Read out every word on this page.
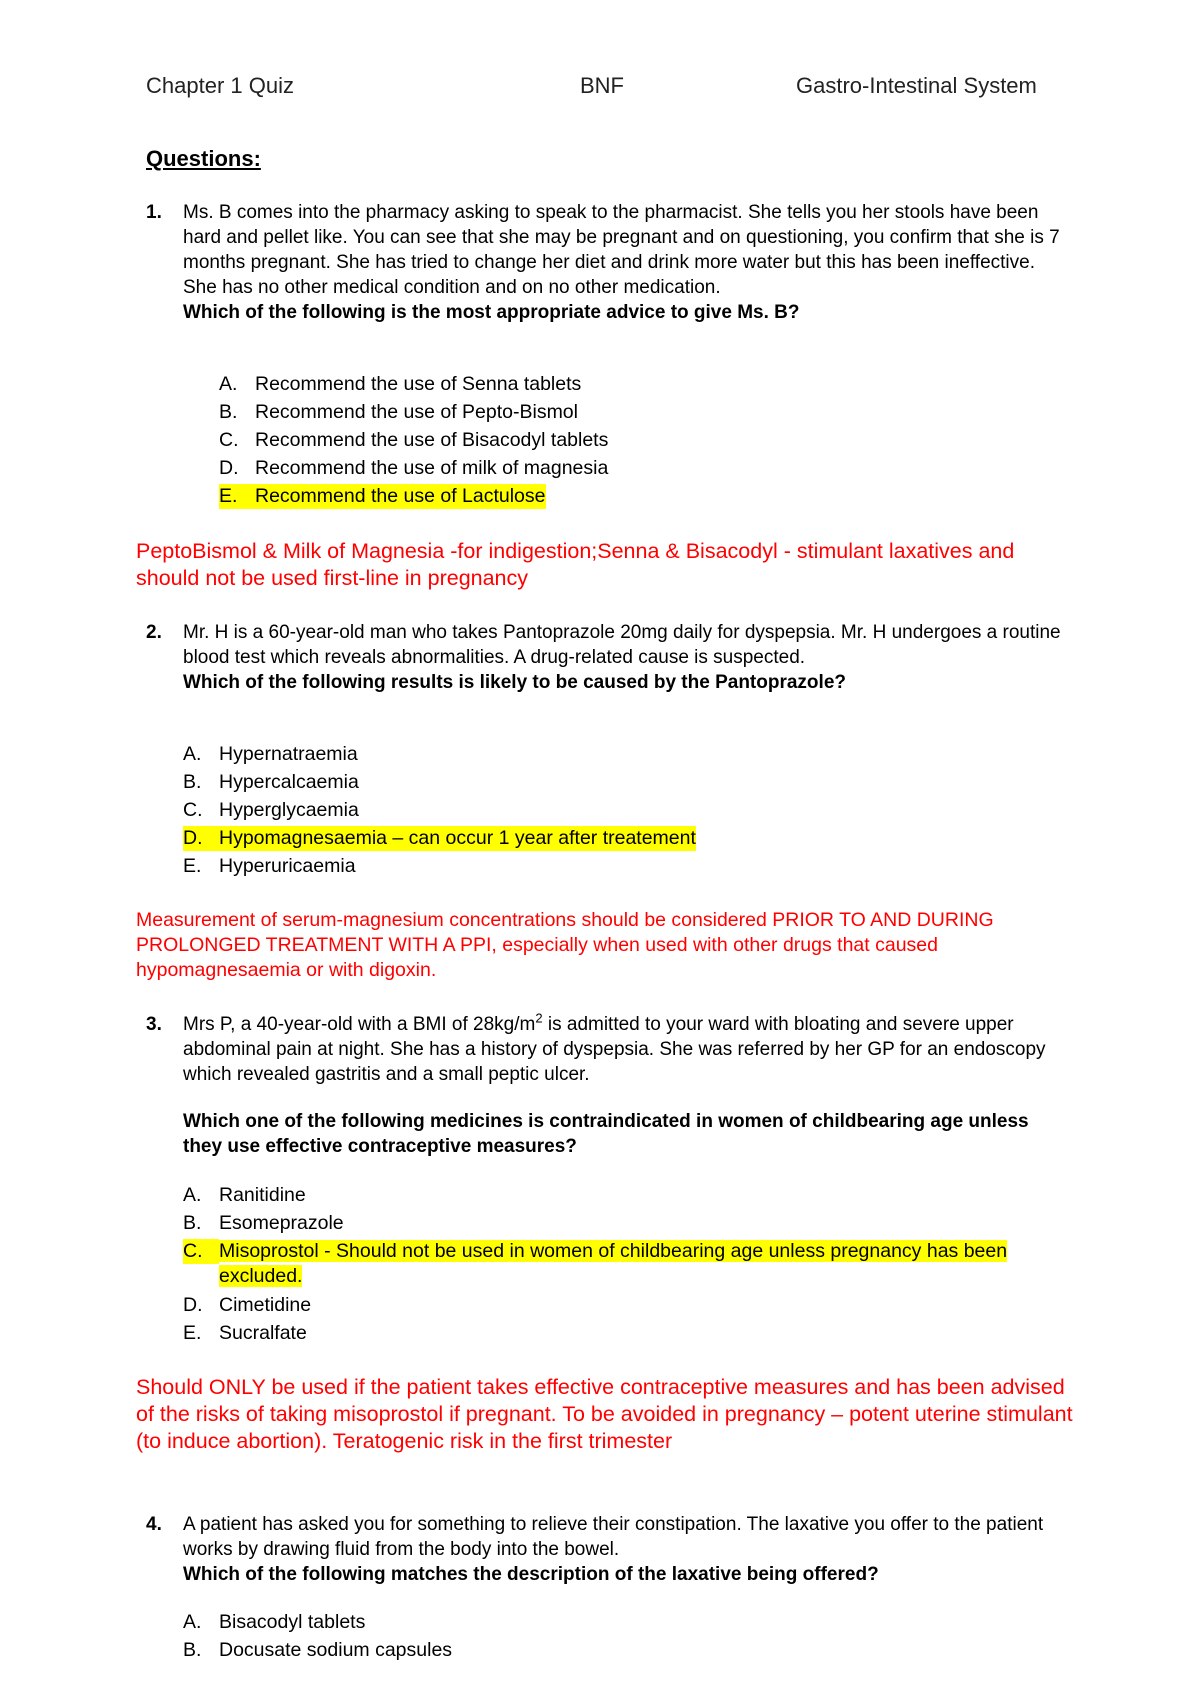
Chapter 1 Quiz	BNF	Gastro-Intestinal System
Questions:
1. Ms. B comes into the pharmacy asking to speak to the pharmacist. She tells you her stools have been hard and pellet like. You can see that she may be pregnant and on questioning, you confirm that she is 7 months pregnant. She has tried to change her diet and drink more water but this has been ineffective. She has no other medical condition and on no other medication.
Which of the following is the most appropriate advice to give Ms. B?
A. Recommend the use of Senna tablets
B. Recommend the use of Pepto-Bismol
C. Recommend the use of Bisacodyl tablets
D. Recommend the use of milk of magnesia
E. Recommend the use of Lactulose
PeptoBismol & Milk of Magnesia -for indigestion;Senna & Bisacodyl - stimulant laxatives and should not be used first-line in pregnancy
2. Mr. H is a 60-year-old man who takes Pantoprazole 20mg daily for dyspepsia. Mr. H undergoes a routine blood test which reveals abnormalities. A drug-related cause is suspected.
Which of the following results is likely to be caused by the Pantoprazole?
A. Hypernatraemia
B. Hypercalcaemia
C. Hyperglycaemia
D. Hypomagnesaemia – can occur 1 year after treatement
E. Hyperuricaemia
Measurement of serum-magnesium concentrations should be considered PRIOR TO AND DURING PROLONGED TREATMENT WITH A PPI, especially when used with other drugs that caused hypomagnesaemia or with digoxin.
3. Mrs P, a 40-year-old with a BMI of $28kg/m^2$ is admitted to your ward with bloating and severe upper abdominal pain at night. She has a history of dyspepsia. She was referred by her GP for an endoscopy which revealed gastritis and a small peptic ulcer.
Which one of the following medicines is contraindicated in women of childbearing age unless they use effective contraceptive measures?
A. Ranitidine
B. Esomeprazole
C. Misoprostol - Should not be used in women of childbearing age unless pregnancy has been excluded.
D. Cimetidine
E. Sucralfate
Should ONLY be used if the patient takes effective contraceptive measures and has been advised of the risks of taking misoprostol if pregnant. To be avoided in pregnancy – potent uterine stimulant (to induce abortion). Teratogenic risk in the first trimester
4. A patient has asked you for something to relieve their constipation. The laxative you offer to the patient works by drawing fluid from the body into the bowel.
Which of the following matches the description of the laxative being offered?
A. Bisacodyl tablets
B. Docusate sodium capsules
